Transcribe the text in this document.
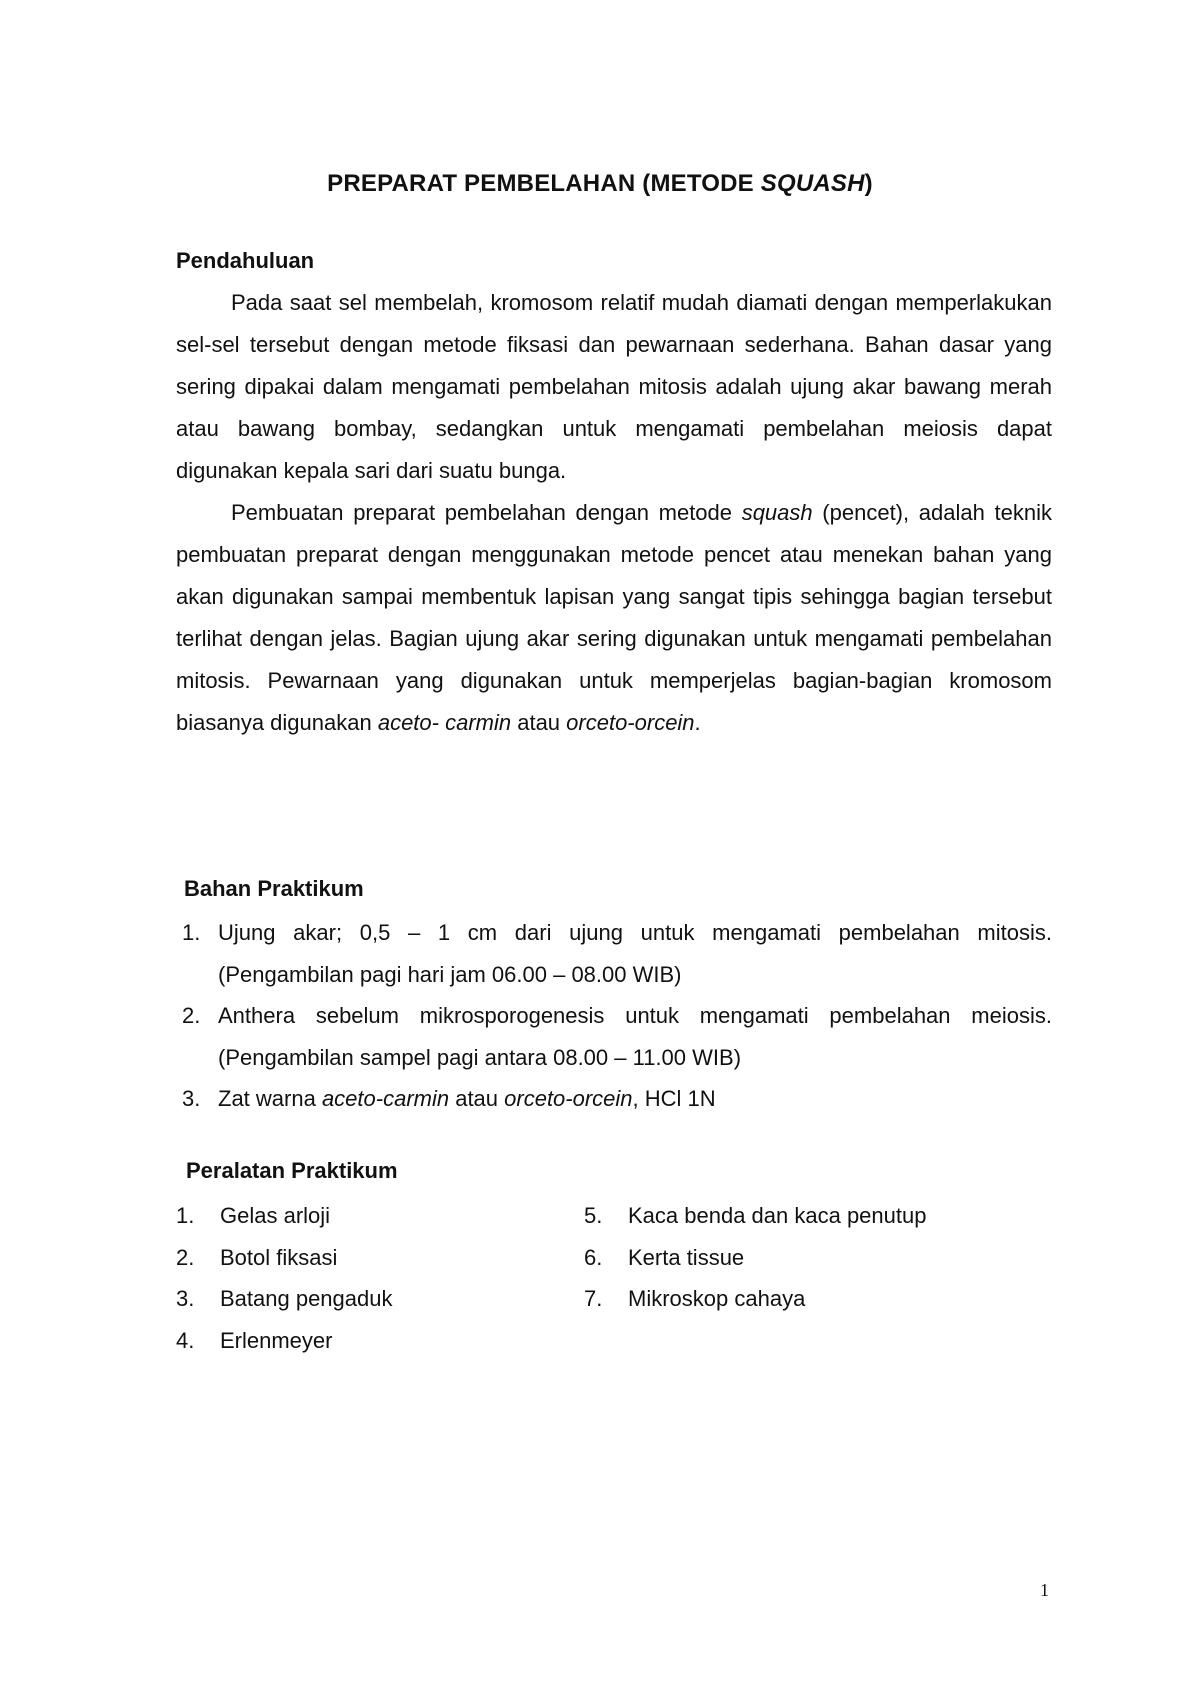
PREPARAT PEMBELAHAN (METODE SQUASH)
Pendahuluan

Pada saat sel membelah, kromosom relatif mudah diamati dengan memperlakukan sel-sel tersebut dengan metode fiksasi dan pewarnaan sederhana. Bahan dasar yang sering dipakai dalam mengamati pembelahan mitosis adalah ujung akar bawang merah atau bawang bombay, sedangkan untuk mengamati pembelahan meiosis dapat digunakan kepala sari dari suatu bunga.

Pembuatan preparat pembelahan dengan metode squash (pencet), adalah teknik pembuatan preparat dengan menggunakan metode pencet atau menekan bahan yang akan digunakan sampai membentuk lapisan yang sangat tipis sehingga bagian tersebut terlihat dengan jelas. Bagian ujung akar sering digunakan untuk mengamati pembelahan mitosis. Pewarnaan yang digunakan untuk memperjelas bagian-bagian kromosom biasanya digunakan aceto- carmin atau orceto-orcein.

Bahan Praktikum
1. Ujung akar; 0,5 – 1 cm dari ujung untuk mengamati pembelahan mitosis. (Pengambilan pagi hari jam 06.00 – 08.00 WIB)
2. Anthera sebelum mikrosporogenesis untuk mengamati pembelahan meiosis. (Pengambilan sampel pagi antara 08.00 – 11.00 WIB)
3. Zat warna aceto-carmin atau orceto-orcein, HCl 1N
Peralatan Praktikum
1. Gelas arloji
2. Botol fiksasi
3. Batang pengaduk
4. Erlenmeyer
5. Kaca benda dan kaca penutup
6. Kerta tissue
7. Mikroskop cahaya
1
